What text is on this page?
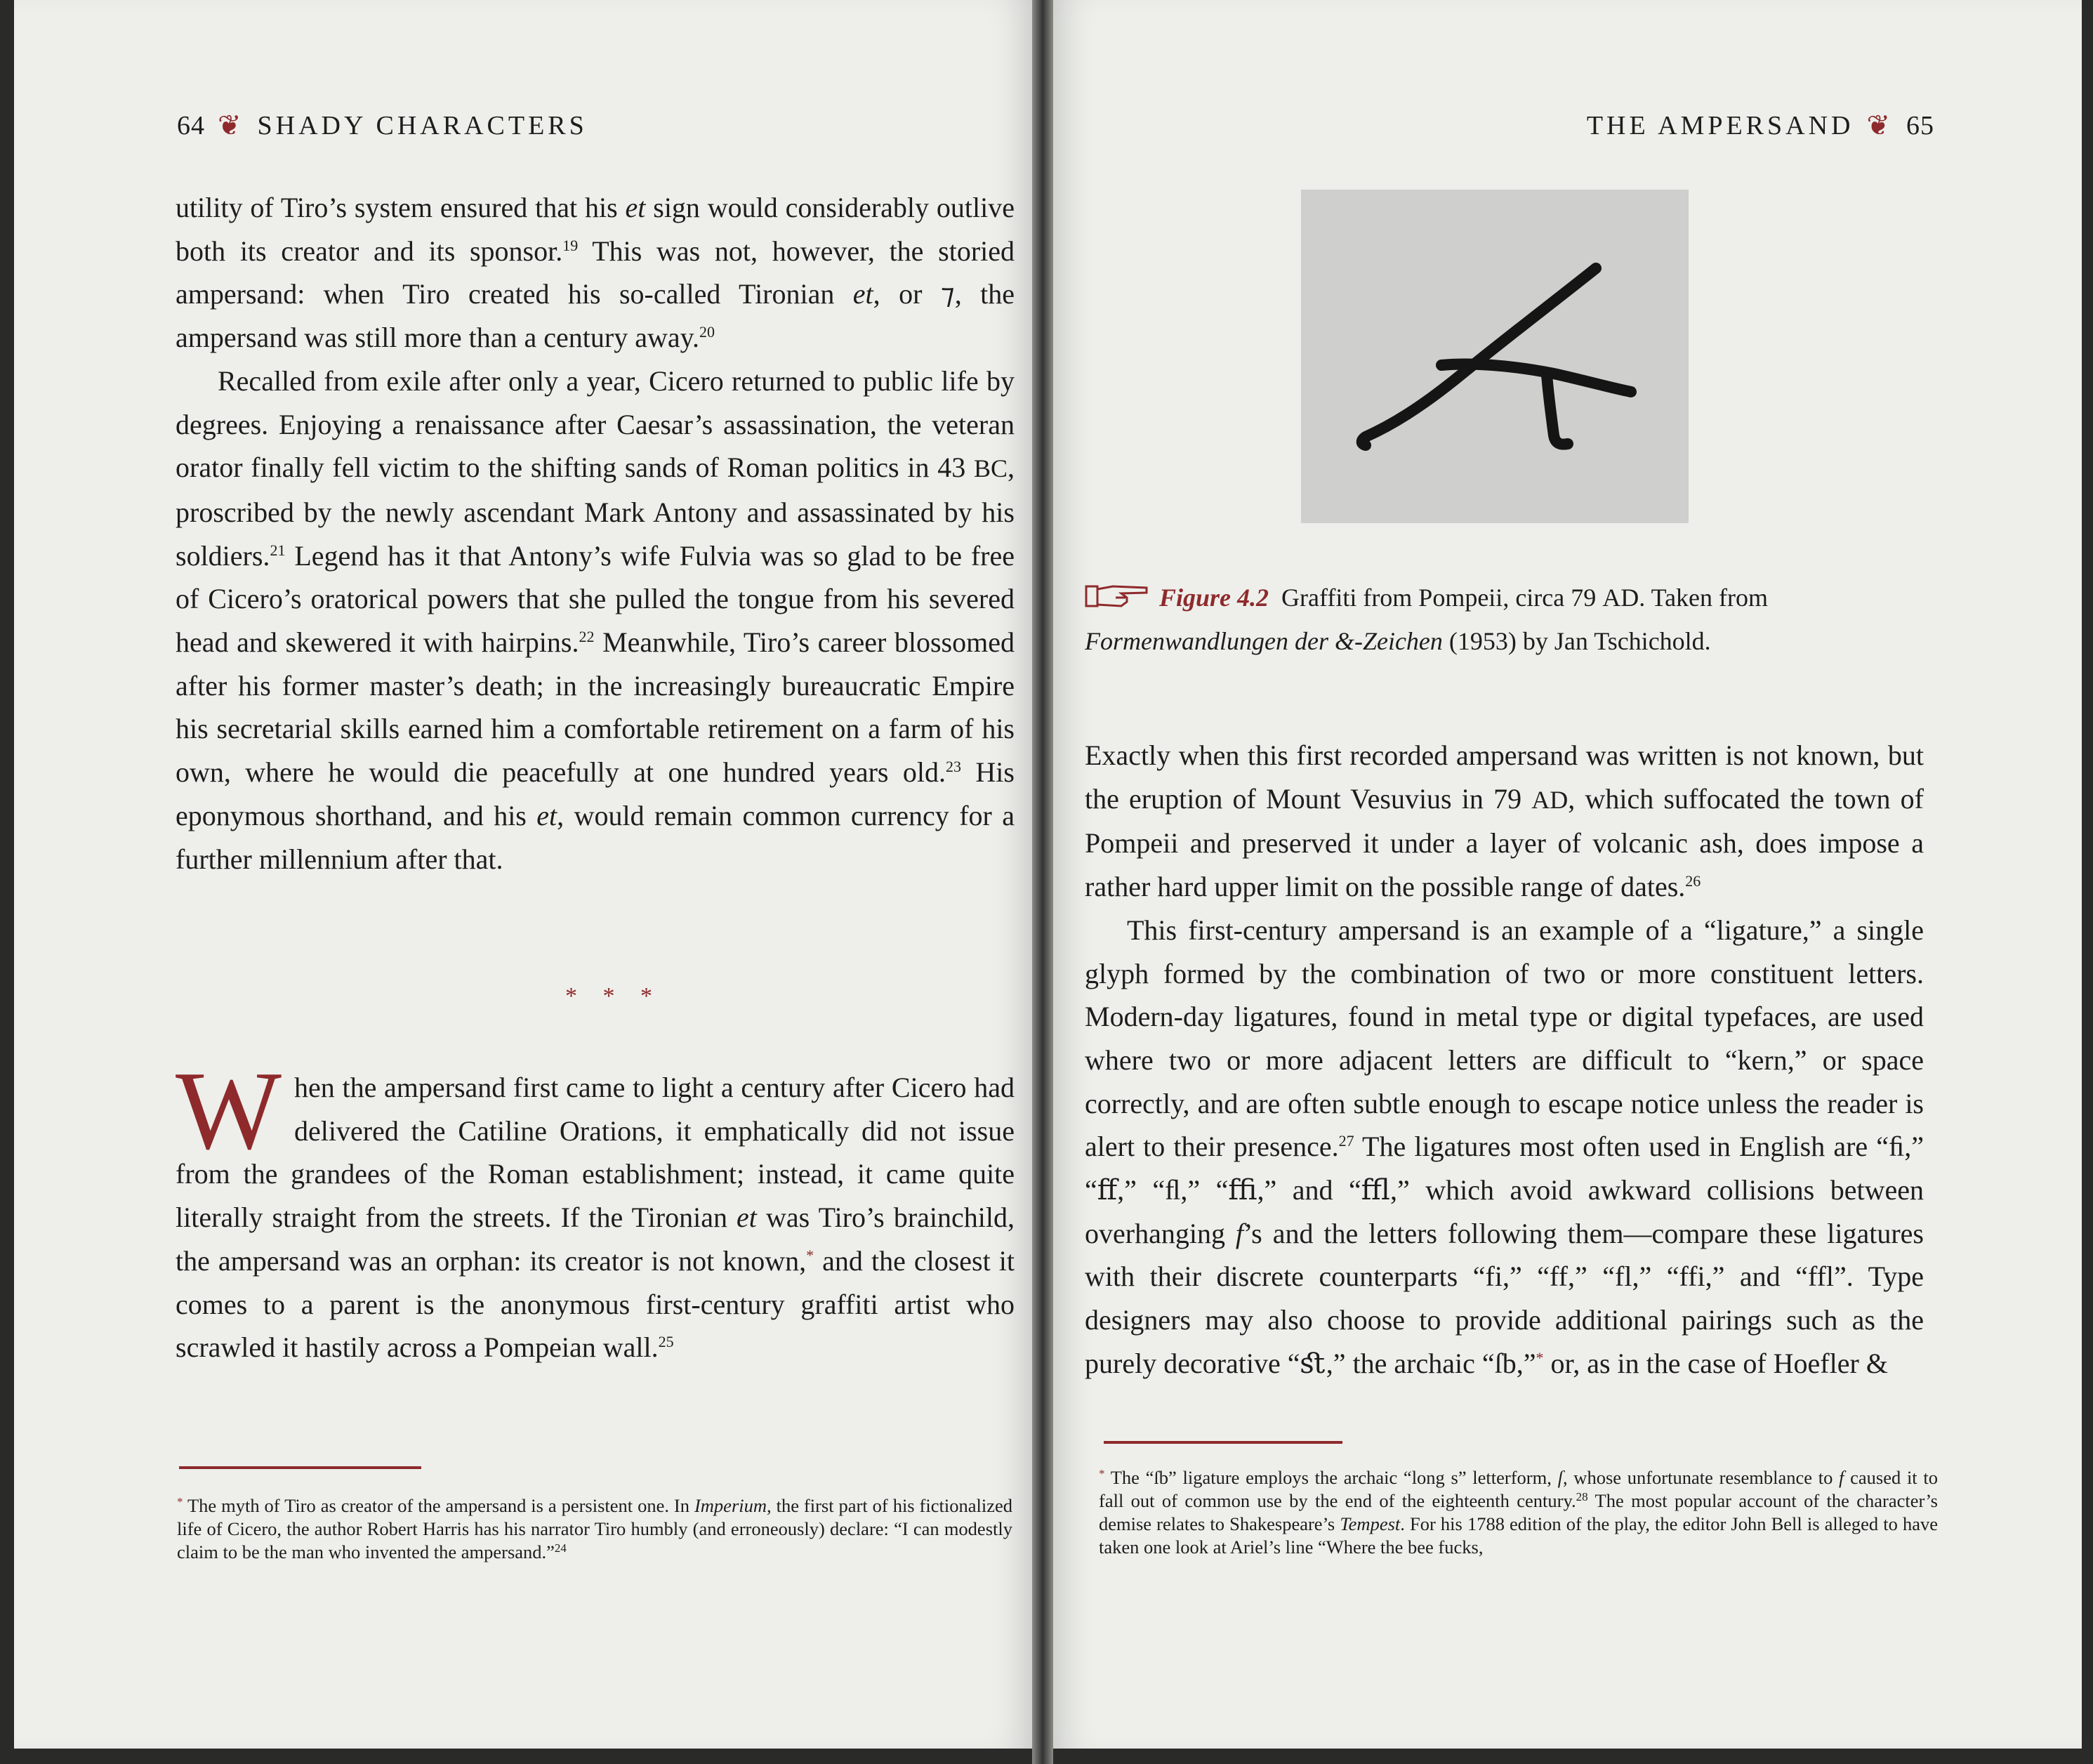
64 ❦ SHADY CHARACTERS

utility of Tiro’s system ensured that his et sign would considerably outlive both its creator and its sponsor.$^{19}$ This was not, however, the storied ampersand: when Tiro created his so-called Tironian et, or ⁊, the ampersand was still more than a century away.$^{20}$

Recalled from exile after only a year, Cicero returned to public life by degrees. Enjoying a renaissance after Caesar’s assassination, the veteran orator finally fell victim to the shifting sands of Roman politics in 43 BC, proscribed by the newly ascendant Mark Antony and assassinated by his soldiers.$^{21}$ Legend has it that Antony’s wife Fulvia was so glad to be free of Cicero’s oratorical powers that she pulled the tongue from his severed head and skewered it with hairpins.$^{22}$ Meanwhile, Tiro’s career blossomed after his former master’s death; in the increasingly bureaucratic Empire his secretarial skills earned him a comfortable retirement on a farm of his own, where he would die peacefully at one hundred years old.$^{23}$ His eponymous shorthand, and his et, would remain common currency for a further millennium after that.

* * *

When the ampersand first came to light a century after Cicero had delivered the Catiline Orations, it emphatically did not issue from the grandees of the Roman establishment; instead, it came quite literally straight from the streets. If the Tironian et was Tiro’s brainchild, the ampersand was an orphan: its creator is not known,* and the closest it comes to a parent is the anonymous first-century graffiti artist who scrawled it hastily across a Pompeian wall.$^{25}$

* The myth of Tiro as creator of the ampersand is a persistent one. In Imperium, the first part of his fictionalized life of Cicero, the author Robert Harris has his narrator Tiro humbly (and erroneously) declare: “I can modestly claim to be the man who invented the ampersand.”$^{24}$
THE AMPERSAND ❦ 65
Figure 4.2  Graffiti from Pompeii, circa 79 AD. Taken from
Formenwandlungen der &-Zeichen (1953) by Jan Tschichold.

Exactly when this first recorded ampersand was written is not known, but the eruption of Mount Vesuvius in 79 AD, which suffocated the town of Pompeii and preserved it under a layer of volcanic ash, does impose a rather hard upper limit on the possible range of dates.$^{26}$

This first-century ampersand is an example of a “ligature,” a single glyph formed by the combination of two or more constituent letters. Modern-day ligatures, found in metal type or digital typefaces, are used where two or more adjacent letters are difficult to “kern,” or space correctly, and are often subtle enough to escape notice unless the reader is alert to their presence.$^{27}$ The ligatures most often used in English are “ﬁ,” “ﬀ,” “ﬂ,” “ﬃ,” and “ﬄ,” which avoid awkward collisions between overhanging f’s and the letters following them—compare these ligatures with their discrete counterparts “fi,” “ff,” “fl,” “ffi,” and “ffl”. Type designers may also choose to provide additional pairings such as the purely decorative “ﬆ,” the archaic “ſb,”* or, as in the case of Hoefler &

* The “ſb” ligature employs the archaic “long s” letterform, ſ, whose unfortunate resemblance to f caused it to fall out of common use by the end of the eighteenth century.$^{28}$ The most popular account of the character’s demise relates to Shakespeare’s Tempest. For his 1788 edition of the play, the editor John Bell is alleged to have taken one look at Ariel’s line “Where the bee fucks,
